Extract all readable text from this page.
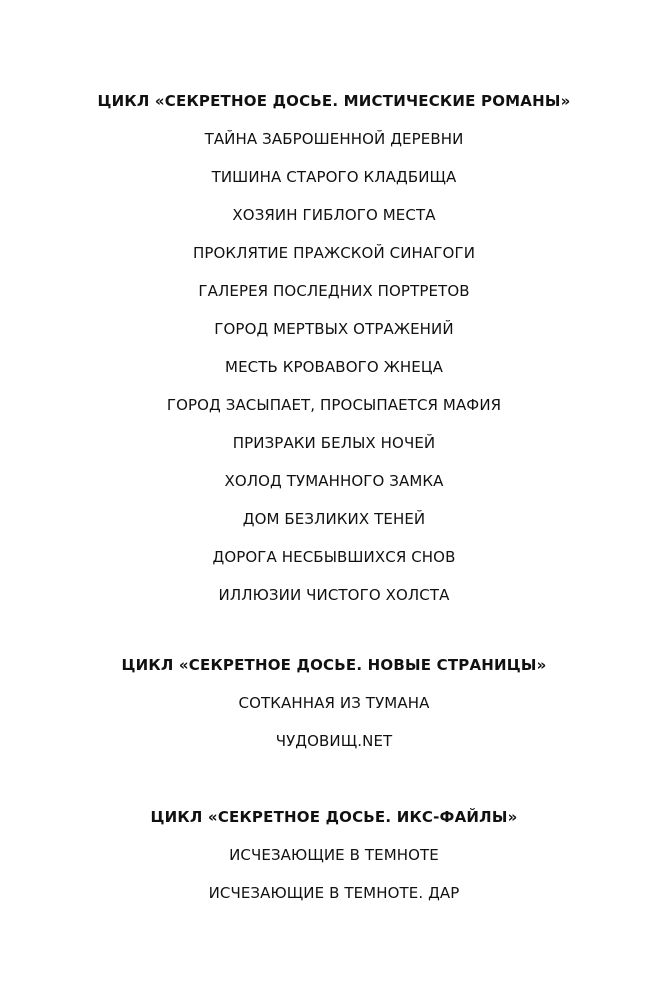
ЦИКЛ «СЕКРЕТНОЕ ДОСЬЕ. МИСТИЧЕСКИЕ РОМАНЫ»
ТАЙНА ЗАБРОШЕННОЙ ДЕРЕВНИ
ТИШИНА СТАРОГО КЛАДБИЩА
ХОЗЯИН ГИБЛОГО МЕСТА
ПРОКЛЯТИЕ ПРАЖСКОЙ СИНАГОГИ
ГАЛЕРЕЯ ПОСЛЕДНИХ ПОРТРЕТОВ
ГОРОД МЕРТВЫХ ОТРАЖЕНИЙ
МЕСТЬ КРОВАВОГО ЖНЕЦА
ГОРОД ЗАСЫПАЕТ, ПРОСЫПАЕТСЯ МАФИЯ
ПРИЗРАКИ БЕЛЫХ НОЧЕЙ
ХОЛОД ТУМАННОГО ЗАМКА
ДОМ БЕЗЛИКИХ ТЕНЕЙ
ДОРОГА НЕСБЫВШИХСЯ СНОВ
ИЛЛЮЗИИ ЧИСТОГО ХОЛСТА
ЦИКЛ «СЕКРЕТНОЕ ДОСЬЕ. НОВЫЕ СТРАНИЦЫ»
СОТКАННАЯ ИЗ ТУМАНА
ЧУДОВИЩ.NET
ЦИКЛ «СЕКРЕТНОЕ ДОСЬЕ. ИКС-ФАЙЛЫ»
ИСЧЕЗАЮЩИЕ В ТЕМНОТЕ
ИСЧЕЗАЮЩИЕ В ТЕМНОТЕ. ДАР
